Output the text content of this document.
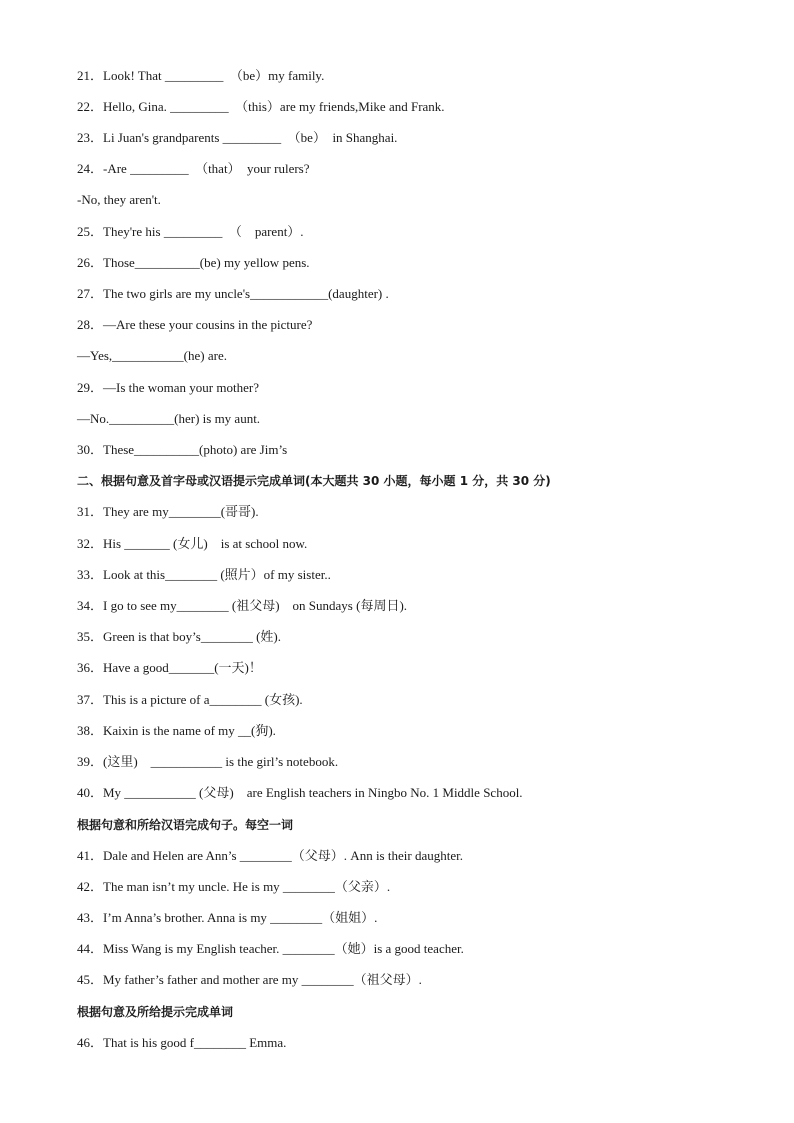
21．Look! That _________　（be）my family.
22．Hello, Gina. _________　（this）are my friends,Mike and Frank.
23．Li Juan's grandparents _________　（be）　in Shanghai.
24．-Are _________　（that）　your rulers?
-No, they aren't.
25．They're his _________　（　parent）.
26．Those__________(be) my yellow pens.
27．The two girls are my uncle's____________(daughter) .
28．—Are these your cousins in the picture?
—Yes,___________(he) are.
29．—Is the woman your mother?
—No.__________(her) is my aunt.
30．These__________(photo) are Jim’s
二、根据句意及首字母或汉语提示完成单词(本大题共 30 小题，每小题 1 分，共 30 分)
31．They are my________(哥哥).
32．His _______ (女儿)　is at school now.
33．Look at this________ (照片）of my sister..
34．I go to see my________ (祖父母)　on Sundays (每周日).
35．Green is that boy’s________ (姓).
36．Have a good_______(一天)！
37．This is a picture of a________ (女孩).
38．Kaixin is the name of my __(狗).
39．(这里)　___________ is the girl’s notebook.
40．My ___________ (父母)　are English teachers in Ningbo No. 1 Middle School.
根据句意和所给汉语完成句子。每空一词
41．Dale and Helen are Ann’s ________（父母）. Ann is their daughter.
42．The man isn’t my uncle. He is my ________（父亲）.
43．I’m Anna’s brother. Anna is my ________（姐姐）.
44．Miss Wang is my English teacher. ________（她）is a good teacher.
45．My father’s father and mother are my ________（祖父母）.
根据句意及所给提示完成单词
46．That is his good f________ Emma.
